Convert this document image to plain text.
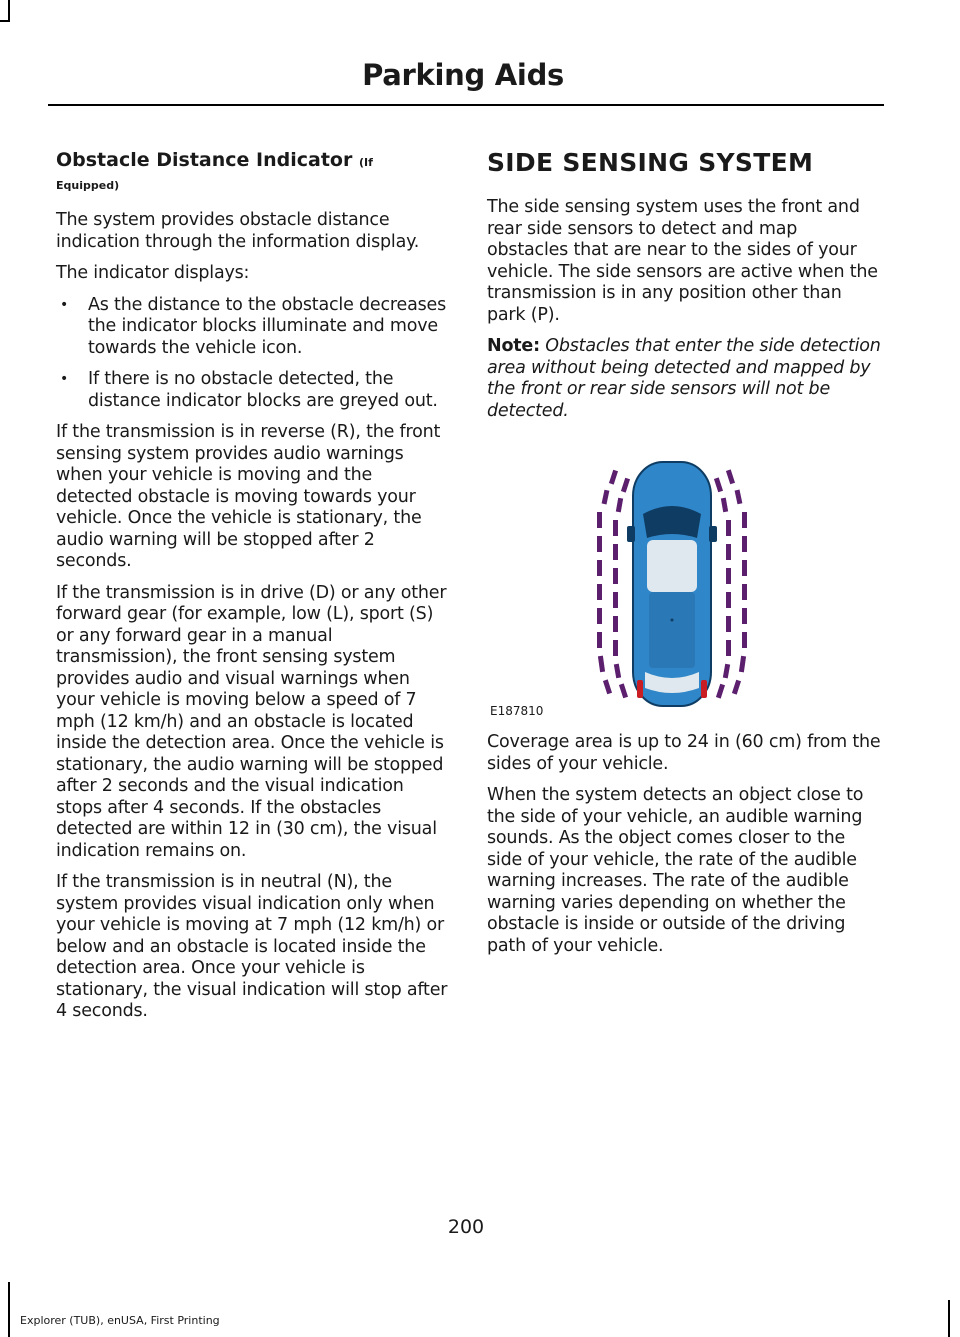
Parking Aids
Obstacle Distance Indicator (If
Equipped)

The system provides obstacle distance indication through the information display.

The indicator displays:

• As the distance to the obstacle decreases the indicator blocks illuminate and move towards the vehicle icon.
• If there is no obstacle detected, the distance indicator blocks are greyed out.

If the transmission is in reverse (R), the front sensing system provides audio warnings when your vehicle is moving and the detected obstacle is moving towards your vehicle. Once the vehicle is stationary, the audio warning will be stopped after 2 seconds.

If the transmission is in drive (D) or any other forward gear (for example, low (L), sport (S) or any forward gear in a manual transmission), the front sensing system provides audio and visual warnings when your vehicle is moving below a speed of 7 mph (12 km/h) and an obstacle is located inside the detection area. Once the vehicle is stationary, the audio warning will be stopped after 2 seconds and the visual indication stops after 4 seconds. If the obstacles detected are within 12 in (30 cm), the visual indication remains on.

If the transmission is in neutral (N), the system provides visual indication only when your vehicle is moving at 7 mph (12 km/h) or below and an obstacle is located inside the detection area. Once your vehicle is stationary, the visual indication will stop after 4 seconds.

SIDE SENSING SYSTEM

The side sensing system uses the front and rear side sensors to detect and map obstacles that are near to the sides of your vehicle. The side sensors are active when the transmission is in any position other than park (P).

Note: Obstacles that enter the side detection area without being detected and mapped by the front or rear side sensors will not be detected.

E187810

Coverage area is up to 24 in (60 cm) from the sides of your vehicle.

When the system detects an object close to the side of your vehicle, an audible warning sounds. As the object comes closer to the side of your vehicle, the rate of the audible warning increases. The rate of the audible warning varies depending on whether the obstacle is inside or outside of the driving path of your vehicle.

200
Explorer (TUB), enUSA, First Printing
